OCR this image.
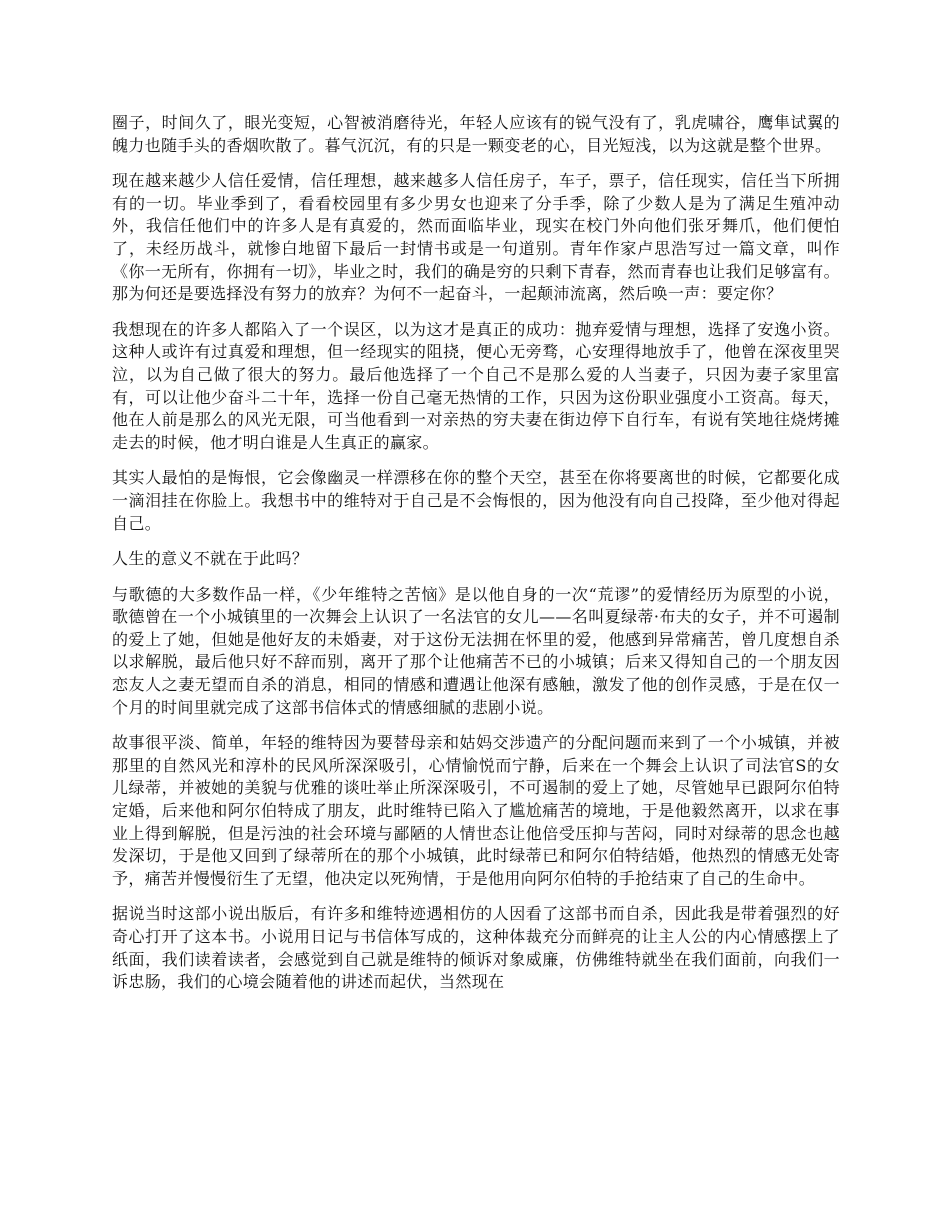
圈子，时间久了，眼光变短，心智被消磨待光，年轻人应该有的锐气没有了，乳虎啸谷，鹰隼试翼的魄力也随手头的香烟吹散了。暮气沉沉，有的只是一颗变老的心，目光短浅，以为这就是整个世界。

现在越来越少人信任爱情，信任理想，越来越多人信任房子，车子，票子，信任现实，信任当下所拥有的一切。毕业季到了，看看校园里有多少男女也迎来了分手季，除了少数人是为了满足生殖冲动外，我信任他们中的许多人是有真爱的，然而面临毕业，现实在校门外向他们张牙舞爪，他们便怕了，未经历战斗，就惨白地留下最后一封情书或是一句道别。青年作家卢思浩写过一篇文章，叫作《你一无所有，你拥有一切》，毕业之时，我们的确是穷的只剩下青春，然而青春也让我们足够富有。那为何还是要选择没有努力的放弃？为何不一起奋斗，一起颠沛流离，然后唤一声：要定你？

我想现在的许多人都陷入了一个误区，以为这才是真正的成功：抛弃爱情与理想，选择了安逸小资。这种人或许有过真爱和理想，但一经现实的阻挠，便心无旁骛，心安理得地放手了，他曾在深夜里哭泣，以为自己做了很大的努力。最后他选择了一个自己不是那么爱的人当妻子，只因为妻子家里富有，可以让他少奋斗二十年，选择一份自己毫无热情的工作，只因为这份职业强度小工资高。每天，他在人前是那么的风光无限，可当他看到一对亲热的穷夫妻在街边停下自行车，有说有笑地往烧烤摊走去的时候，他才明白谁是人生真正的赢家。

其实人最怕的是悔恨，它会像幽灵一样漂移在你的整个天空，甚至在你将要离世的时候，它都要化成一滴泪挂在你脸上。我想书中的维特对于自己是不会悔恨的，因为他没有向自己投降，至少他对得起自己。

人生的意义不就在于此吗？

与歌德的大多数作品一样，《少年维特之苦恼》是以他自身的一次“荒谬”的爱情经历为原型的小说，歌德曾在一个小城镇里的一次舞会上认识了一名法官的女儿——名叫夏绿蒂·布夫的女子，并不可遏制的爱上了她，但她是他好友的未婚妻，对于这份无法拥在怀里的爱，他感到异常痛苦，曾几度想自杀以求解脱，最后他只好不辞而别，离开了那个让他痛苦不已的小城镇；后来又得知自己的一个朋友因恋友人之妻无望而自杀的消息，相同的情感和遭遇让他深有感触，激发了他的创作灵感，于是在仅一个月的时间里就完成了这部书信体式的情感细腻的悲剧小说。

故事很平淡、简单，年轻的维特因为要替母亲和姑妈交涉遗产的分配问题而来到了一个小城镇，并被那里的自然风光和淳朴的民风所深深吸引，心情愉悦而宁静，后来在一个舞会上认识了司法官S的女儿绿蒂，并被她的美貌与优雅的谈吐举止所深深吸引，不可遏制的爱上了她，尽管她早已跟阿尔伯特定婚，后来他和阿尔伯特成了朋友，此时维特已陷入了尴尬痛苦的境地，于是他毅然离开，以求在事业上得到解脱，但是污浊的社会环境与鄙陋的人情世态让他倍受压抑与苦闷，同时对绿蒂的思念也越发深切，于是他又回到了绿蒂所在的那个小城镇，此时绿蒂已和阿尔伯特结婚，他热烈的情感无处寄予，痛苦并慢慢衍生了无望，他决定以死殉情，于是他用向阿尔伯特的手抢结束了自己的生命中。

据说当时这部小说出版后，有许多和维特迹遇相仿的人因看了这部书而自杀，因此我是带着强烈的好奇心打开了这本书。小说用日记与书信体写成的，这种体裁充分而鲜亮的让主人公的内心情感摆上了纸面，我们读着读者，会感觉到自己就是维特的倾诉对象威廉，仿佛维特就坐在我们面前，向我们一诉忠肠，我们的心境会随着他的讲述而起伏，当然现在
